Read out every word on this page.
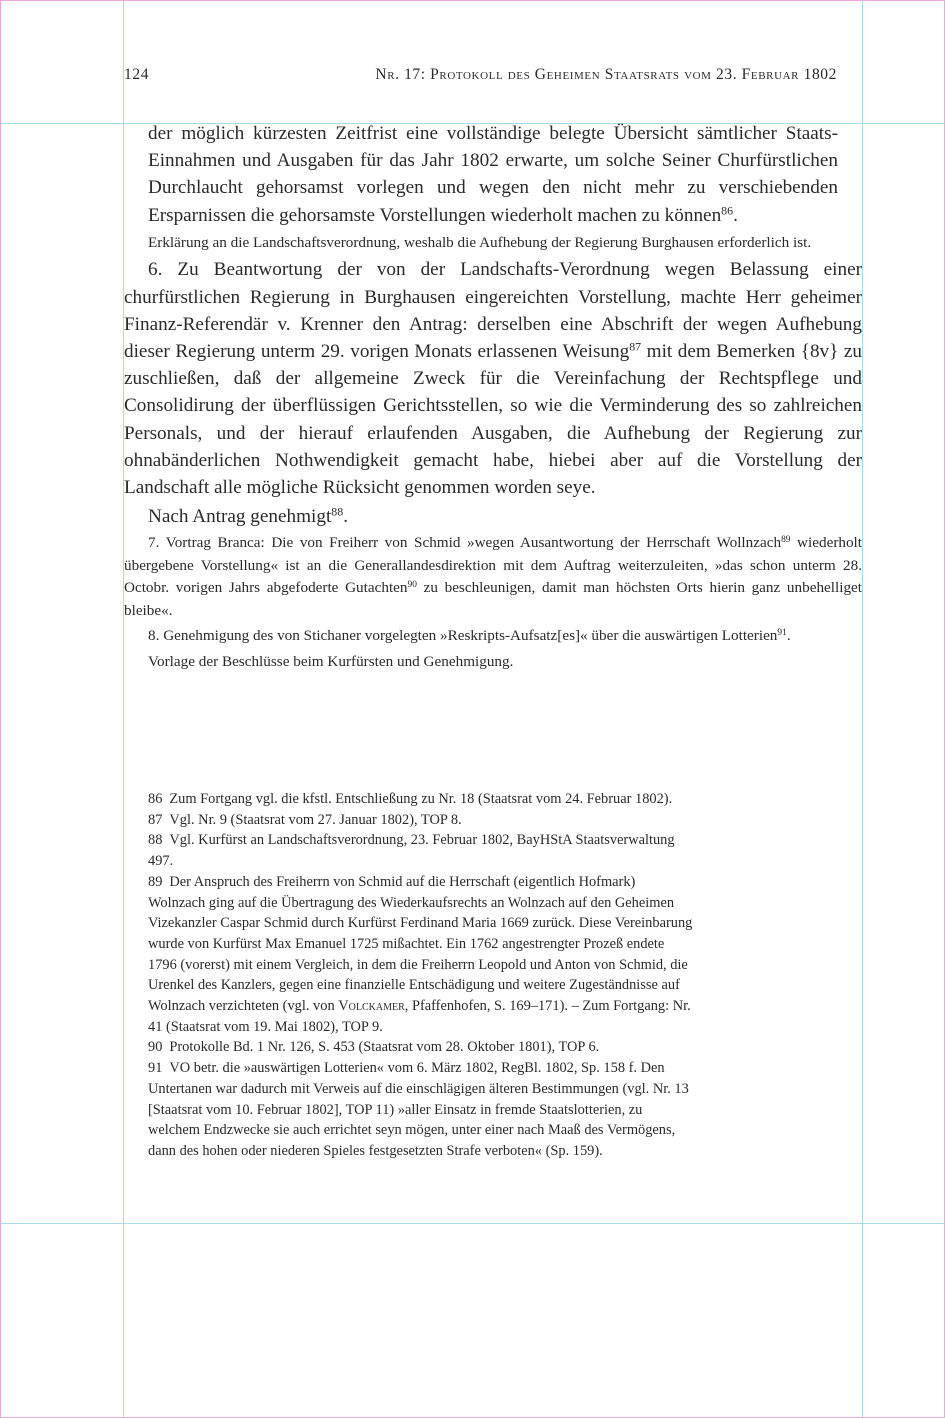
124	Nr. 17: Protokoll des Geheimen Staatsrats vom 23. Februar 1802

der möglich kürzesten Zeitfrist eine vollständige belegte Übersicht sämtlicher Staats-Einnahmen und Ausgaben für das Jahr 1802 erwarte, um solche Seiner Churfürstlichen Durchlaucht gehorsamst vorlegen und wegen den nicht mehr zu verschiebenden Ersparnissen die gehorsamste Vorstellungen wiederholt machen zu können$^{86}$.

Erklärung an die Landschaftsverordnung, weshalb die Aufhebung der Regierung Burghausen erforderlich ist.

6. Zu Beantwortung der von der Landschafts-Verordnung wegen Belassung einer churfürstlichen Regierung in Burghausen eingereichten Vorstellung, machte Herr geheimer Finanz-Referendär v. Krenner den Antrag: derselben eine Abschrift der wegen Aufhebung dieser Regierung unterm 29. vorigen Monats erlassenen Weisung$^{87}$ mit dem Bemerken {8v} zu zuschließen, daß der allgemeine Zweck für die Vereinfachung der Rechtspflege und Consolidirung der überflüssigen Gerichtsstellen, so wie die Verminderung des so zahlreichen Personals, und der hierauf erlaufenden Ausgaben, die Aufhebung der Regierung zur ohnabänderlichen Nothwendigkeit gemacht habe, hiebei aber auf die Vorstellung der Landschaft alle mögliche Rücksicht genommen worden seye.

Nach Antrag genehmigt$^{88}$.

7. Vortrag Branca: Die von Freiherr von Schmid »wegen Ausantwortung der Herrschaft Wollnzach$^{89}$ wiederholt übergebene Vorstellung« ist an die Generallandesdirektion mit dem Auftrag weiterzuleiten, »das schon unterm 28. Octobr. vorigen Jahrs abgefoderte Gutachten$^{90}$ zu beschleunigen, damit man höchsten Orts hierin ganz unbehelliget bleibe«.

8. Genehmigung des von Stichaner vorgelegten »Reskripts-Aufsatz[es]« über die auswärtigen Lotterien$^{91}$.

Vorlage der Beschlüsse beim Kurfürsten und Genehmigung.

86 Zum Fortgang vgl. die kfstl. Entschließung zu Nr. 18 (Staatsrat vom 24. Februar 1802).

87 Vgl. Nr. 9 (Staatsrat vom 27. Januar 1802), TOP 8.

88 Vgl. Kurfürst an Landschaftsverordnung, 23. Februar 1802, BayHStA Staatsverwaltung 497.

89 Der Anspruch des Freiherrn von Schmid auf die Herrschaft (eigentlich Hofmark) Wolnzach ging auf die Übertragung des Wiederkaufsrechts an Wolnzach auf den Geheimen Vizekanzler Caspar Schmid durch Kurfürst Ferdinand Maria 1669 zurück. Diese Vereinbarung wurde von Kurfürst Max Emanuel 1725 mißachtet. Ein 1762 angestrengter Prozeß endete 1796 (vorerst) mit einem Vergleich, in dem die Freiherrn Leopold und Anton von Schmid, die Urenkel des Kanzlers, gegen eine finanzielle Entschädigung und weitere Zugeständnisse auf Wolnzach verzichteten (vgl. von Volckamer, Pfaffenhofen, S. 169–171). – Zum Fortgang: Nr. 41 (Staatsrat vom 19. Mai 1802), TOP 9.

90 Protokolle Bd. 1 Nr. 126, S. 453 (Staatsrat vom 28. Oktober 1801), TOP 6.

91 VO betr. die »auswärtigen Lotterien« vom 6. März 1802, RegBl. 1802, Sp. 158 f. Den Untertanen war dadurch mit Verweis auf die einschlägigen älteren Bestimmungen (vgl. Nr. 13 [Staatsrat vom 10. Februar 1802], TOP 11) »aller Einsatz in fremde Staatslotterien, zu welchem Endzwecke sie auch errichtet seyn mögen, unter einer nach Maaß des Vermögens, dann des hohen oder niederen Spieles festgesetzten Strafe verboten« (Sp. 159).
